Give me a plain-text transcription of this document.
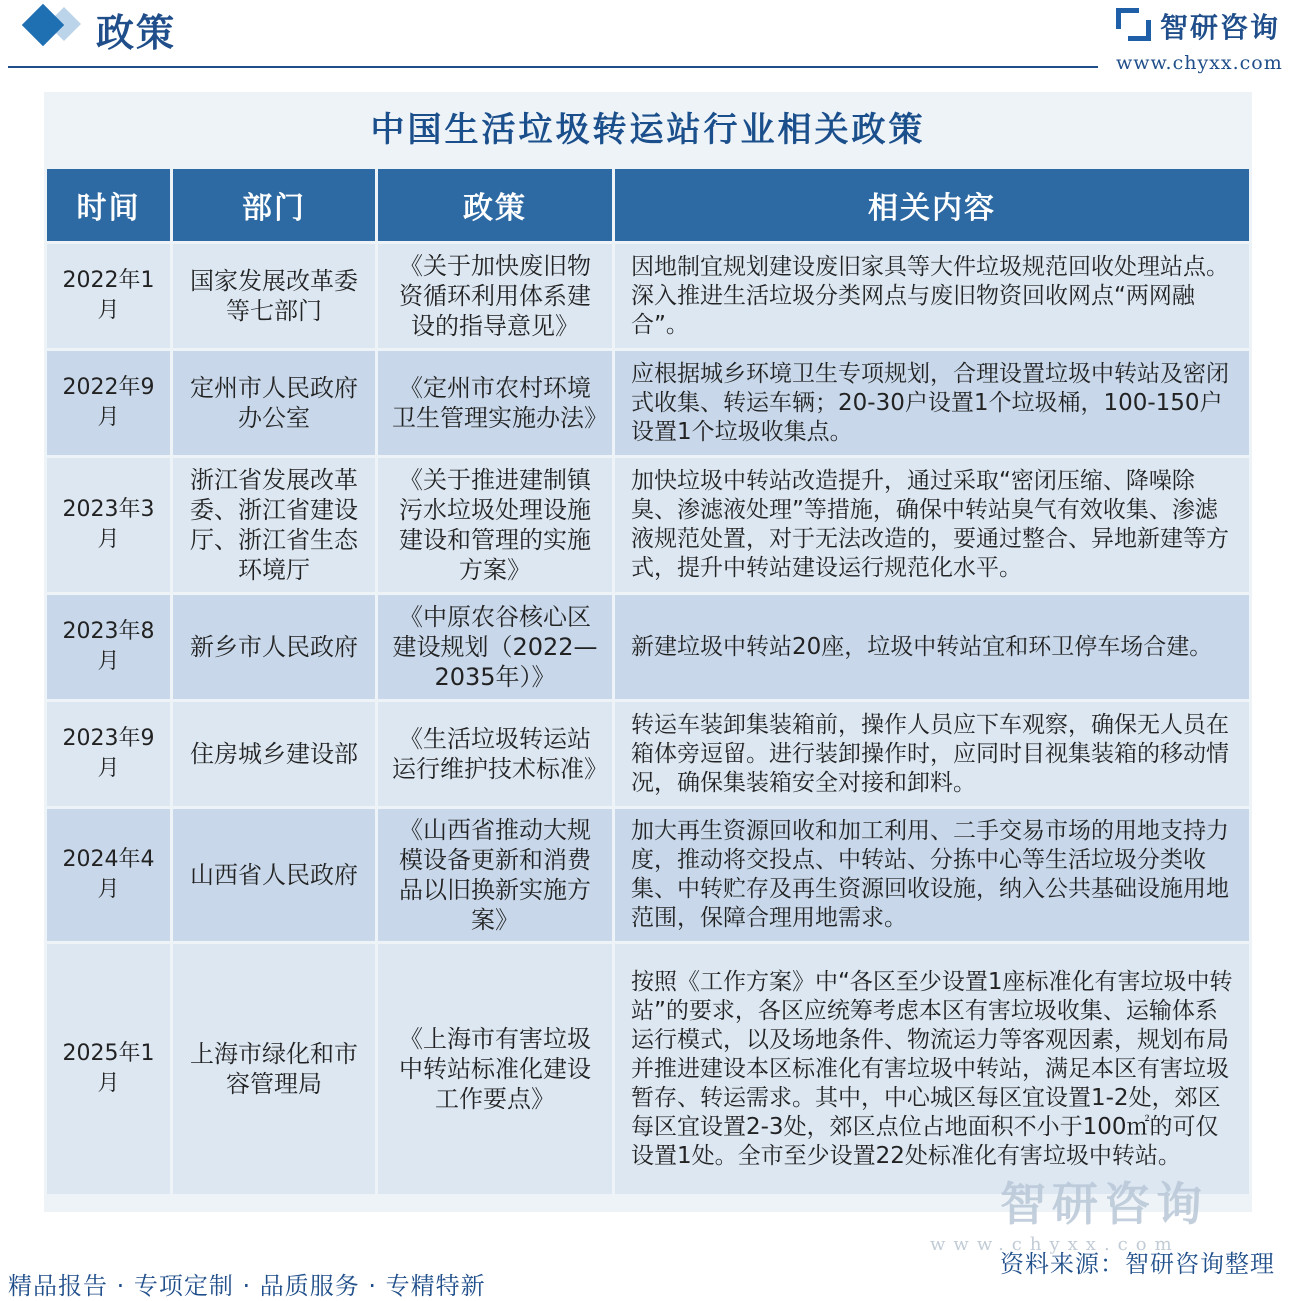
政策	智研咨询
www.chyxx.com
中国生活垃圾转运站行业相关政策
时间	部门	政策	相关内容
2022年1月	国家发展改革委等七部门	《关于加快废旧物资循环利用体系建设的指导意见》	因地制宜规划建设废旧家具等大件垃圾规范回收处理站点。深入推进生活垃圾分类网点与废旧物资回收网点“两网融合”。
2022年9月	定州市人民政府办公室	《定州市农村环境卫生管理实施办法》	应根据城乡环境卫生专项规划，合理设置垃圾中转站及密闭式收集、转运车辆；20-30户设置1个垃圾桶，100-150户设置1个垃圾收集点。
2023年3月	浙江省发展改革委、浙江省建设厅、浙江省生态环境厅	《关于推进建制镇污水垃圾处理设施建设和管理的实施方案》	加快垃圾中转站改造提升，通过采取“密闭压缩、降噪除臭、渗滤液处理”等措施，确保中转站臭气有效收集、渗滤液规范处置，对于无法改造的，要通过整合、异地新建等方式，提升中转站建设运行规范化水平。
2023年8月	新乡市人民政府	《中原农谷核心区建设规划（2022—2035年）》	新建垃圾中转站20座，垃圾中转站宜和环卫停车场合建。
2023年9月	住房城乡建设部	《生活垃圾转运站运行维护技术标准》	转运车装卸集装箱前，操作人员应下车观察，确保无人员在箱体旁逗留。进行装卸操作时，应同时目视集装箱的移动情况，确保集装箱安全对接和卸料。
2024年4月	山西省人民政府	《山西省推动大规模设备更新和消费品以旧换新实施方案》	加大再生资源回收和加工利用、二手交易市场的用地支持力度，推动将交投点、中转站、分拣中心等生活垃圾分类收集、中转贮存及再生资源回收设施，纳入公共基础设施用地范围，保障合理用地需求。
2025年1月	上海市绿化和市容管理局	《上海市有害垃圾中转站标准化建设工作要点》	按照《工作方案》中“各区至少设置1座标准化有害垃圾中转站”的要求，各区应统筹考虑本区有害垃圾收集、运输体系运行模式，以及场地条件、物流运力等客观因素，规划布局并推进建设本区标准化有害垃圾中转站，满足本区有害垃圾暂存、转运需求。其中，中心城区每区宜设置1-2处，郊区每区宜设置2-3处，郊区点位占地面积不小于100㎡的可仅设置1处。全市至少设置22处标准化有害垃圾中转站。
智研咨询
www.chyxx.com
资料来源：智研咨询整理
精品报告 · 专项定制 · 品质服务 · 专精特新
